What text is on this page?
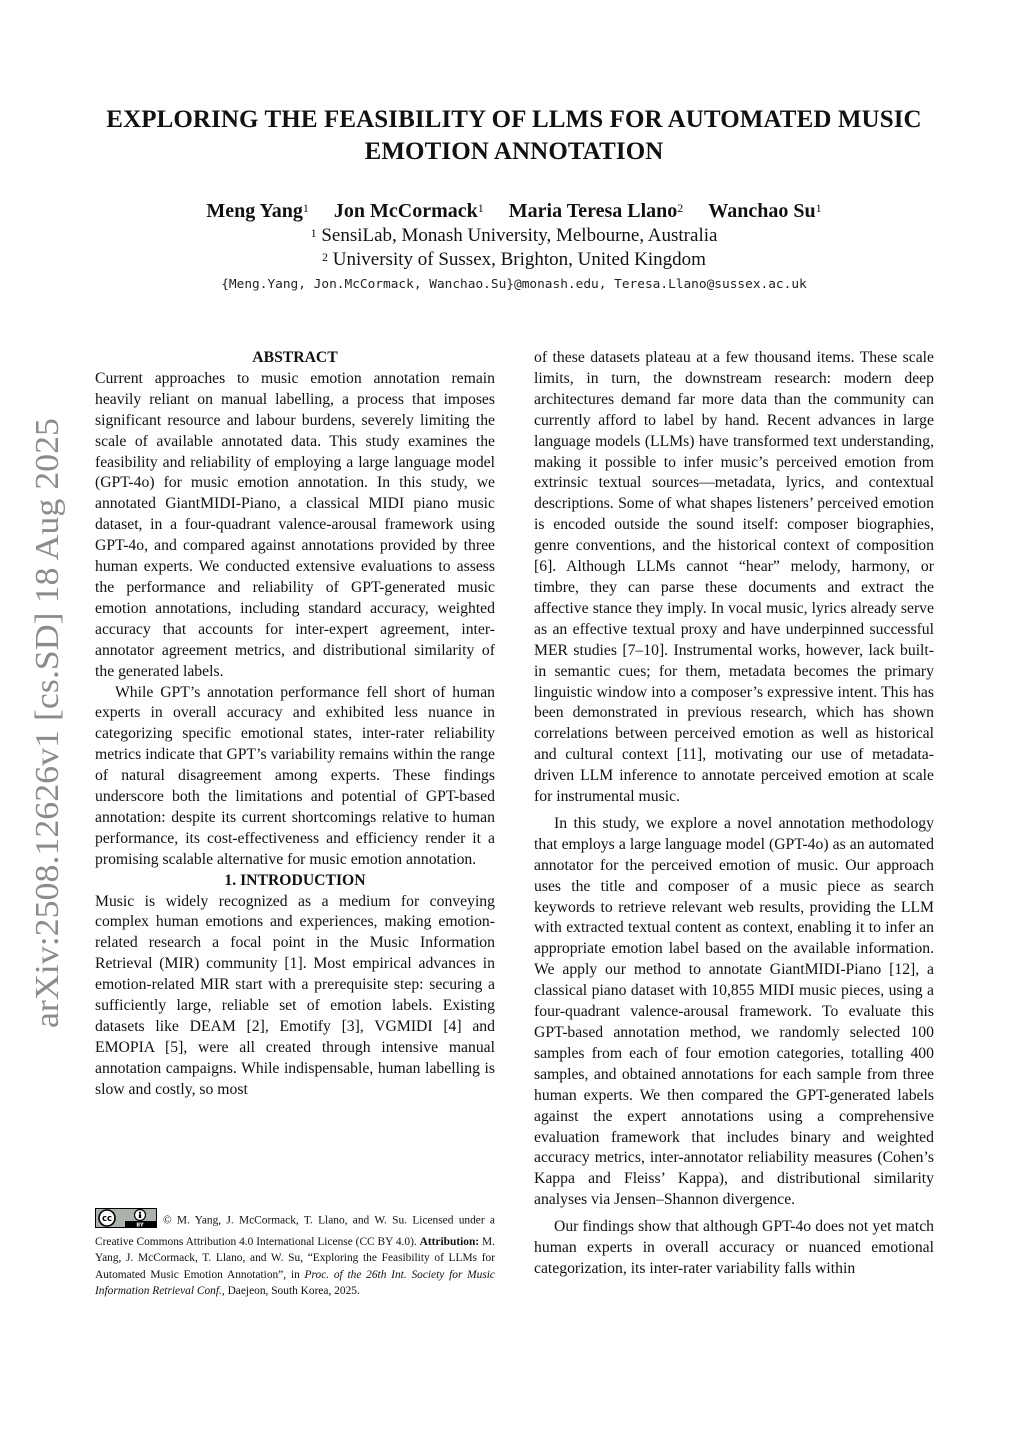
arXiv:2508.12626v1 [cs.SD] 18 Aug 2025
EXPLORING THE FEASIBILITY OF LLMS FOR AUTOMATED MUSIC
EMOTION ANNOTATION
Meng Yang$^1$ Jon McCormack$^1$ Maria Teresa Llano$^2$ Wanchao Su$^1$
$^1$ SensiLab, Monash University, Melbourne, Australia
$^2$ University of Sussex, Brighton, United Kingdom
{Meng.Yang, Jon.McCormack, Wanchao.Su}@monash.edu, Teresa.Llano@sussex.ac.uk

ABSTRACT

Current approaches to music emotion annotation remain heavily reliant on manual labelling, a process that imposes significant resource and labour burdens, severely limiting the scale of available annotated data. This study examines the feasibility and reliability of employing a large language model (GPT-4o) for music emotion annotation. In this study, we annotated GiantMIDI-Piano, a classical MIDI piano music dataset, in a four-quadrant valence-arousal framework using GPT-4o, and compared against annotations provided by three human experts. We conducted extensive evaluations to assess the performance and reliability of GPT-generated music emotion annotations, including standard accuracy, weighted accuracy that accounts for inter-expert agreement, inter-annotator agreement metrics, and distributional similarity of the generated labels.

While GPT’s annotation performance fell short of human experts in overall accuracy and exhibited less nuance in categorizing specific emotional states, inter-rater reliability metrics indicate that GPT’s variability remains within the range of natural disagreement among experts. These findings underscore both the limitations and potential of GPT-based annotation: despite its current shortcomings relative to human performance, its cost-effectiveness and efficiency render it a promising scalable alternative for music emotion annotation.

1. INTRODUCTION

Music is widely recognized as a medium for conveying complex human emotions and experiences, making emotion-related research a focal point in the Music Information Retrieval (MIR) community [1]. Most empirical advances in emotion-related MIR start with a prerequisite step: securing a sufficiently large, reliable set of emotion labels. Existing datasets like DEAM [2], Emotify [3], VGMIDI [4] and EMOPIA [5], were all created through intensive manual annotation campaigns. While indispensable, human labelling is slow and costly, so most

cc
BY © M. Yang, J. McCormack, T. Llano, and W. Su. Licensed under a Creative Commons Attribution 4.0 International License (CC BY 4.0). Attribution: M. Yang, J. McCormack, T. Llano, and W. Su, “Exploring the Feasibility of LLMs for Automated Music Emotion Annotation”, in Proc. of the 26th Int. Society for Music Information Retrieval Conf., Daejeon, South Korea, 2025.

of these datasets plateau at a few thousand items. These scale limits, in turn, the downstream research: modern deep architectures demand far more data than the community can currently afford to label by hand. Recent advances in large language models (LLMs) have transformed text understanding, making it possible to infer music’s perceived emotion from extrinsic textual sources—metadata, lyrics, and contextual descriptions. Some of what shapes listeners’ perceived emotion is encoded outside the sound itself: composer biographies, genre conventions, and the historical context of composition [6]. Although LLMs cannot “hear” melody, harmony, or timbre, they can parse these documents and extract the affective stance they imply. In vocal music, lyrics already serve as an effective textual proxy and have underpinned successful MER studies [7–10]. Instrumental works, however, lack built-in semantic cues; for them, metadata becomes the primary linguistic window into a composer’s expressive intent. This has been demonstrated in previous research, which has shown correlations between perceived emotion as well as historical and cultural context [11], motivating our use of metadata-driven LLM inference to annotate perceived emotion at scale for instrumental music.

In this study, we explore a novel annotation methodology that employs a large language model (GPT-4o) as an automated annotator for the perceived emotion of music. Our approach uses the title and composer of a music piece as search keywords to retrieve relevant web results, providing the LLM with extracted textual content as context, enabling it to infer an appropriate emotion label based on the available information. We apply our method to annotate GiantMIDI-Piano [12], a classical piano dataset with 10,855 MIDI music pieces, using a four-quadrant valence-arousal framework. To evaluate this GPT-based annotation method, we randomly selected 100 samples from each of four emotion categories, totalling 400 samples, and obtained annotations for each sample from three human experts. We then compared the GPT-generated labels against the expert annotations using a comprehensive evaluation framework that includes binary and weighted accuracy metrics, inter-annotator reliability measures (Cohen’s Kappa and Fleiss’ Kappa), and distributional similarity analyses via Jensen–Shannon divergence.

Our findings show that although GPT-4o does not yet match human experts in overall accuracy or nuanced emotional categorization, its inter-rater variability falls within
